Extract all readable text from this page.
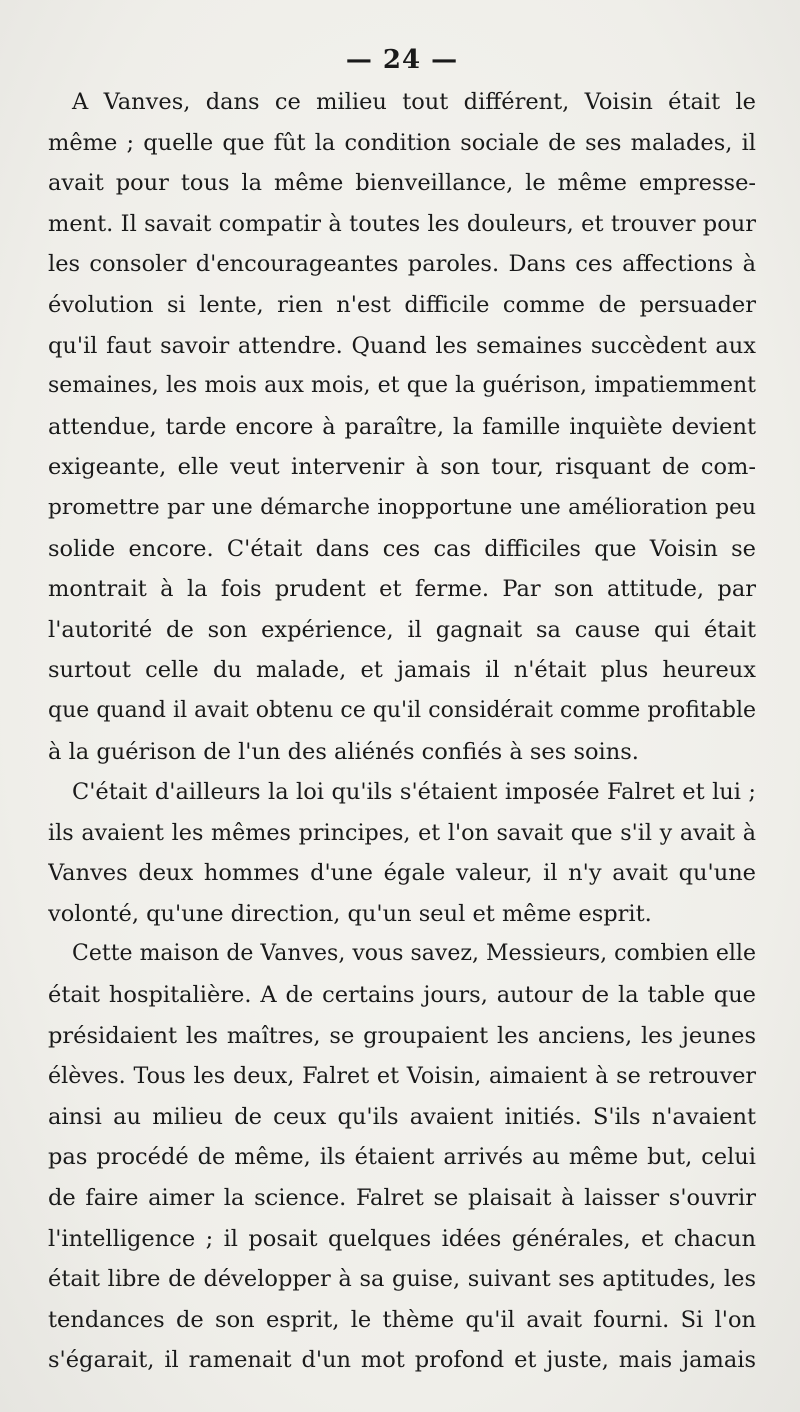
— 24 —
A Vanves, dans ce milieu tout différent, Voisin était le
même ; quelle que fût la condition sociale de ses malades, il
avait pour tous la même bienveillance, le même empresse-
ment. Il savait compatir à toutes les douleurs, et trouver pour
les consoler d'encourageantes paroles. Dans ces affections à
évolution si lente, rien n'est difficile comme de persuader
qu'il faut savoir attendre. Quand les semaines succèdent aux
semaines, les mois aux mois, et que la guérison, impatiemment
attendue, tarde encore à paraître, la famille inquiète devient
exigeante, elle veut intervenir à son tour, risquant de com-
promettre par une démarche inopportune une amélioration peu
solide encore. C'était dans ces cas difficiles que Voisin se
montrait à la fois prudent et ferme. Par son attitude, par
l'autorité de son expérience, il gagnait sa cause qui était
surtout celle du malade, et jamais il n'était plus heureux
que quand il avait obtenu ce qu'il considérait comme profitable
à la guérison de l'un des aliénés confiés à ses soins.
C'était d'ailleurs la loi qu'ils s'étaient imposée Falret et lui ;
ils avaient les mêmes principes, et l'on savait que s'il y avait à
Vanves deux hommes d'une égale valeur, il n'y avait qu'une
volonté, qu'une direction, qu'un seul et même esprit.
Cette maison de Vanves, vous savez, Messieurs, combien elle
était hospitalière. A de certains jours, autour de la table que
présidaient les maîtres, se groupaient les anciens, les jeunes
élèves. Tous les deux, Falret et Voisin, aimaient à se retrouver
ainsi au milieu de ceux qu'ils avaient initiés. S'ils n'avaient
pas procédé de même, ils étaient arrivés au même but, celui
de faire aimer la science. Falret se plaisait à laisser s'ouvrir
l'intelligence ; il posait quelques idées générales, et chacun
était libre de développer à sa guise, suivant ses aptitudes, les
tendances de son esprit, le thème qu'il avait fourni. Si l'on
s'égarait, il ramenait d'un mot profond et juste, mais jamais
